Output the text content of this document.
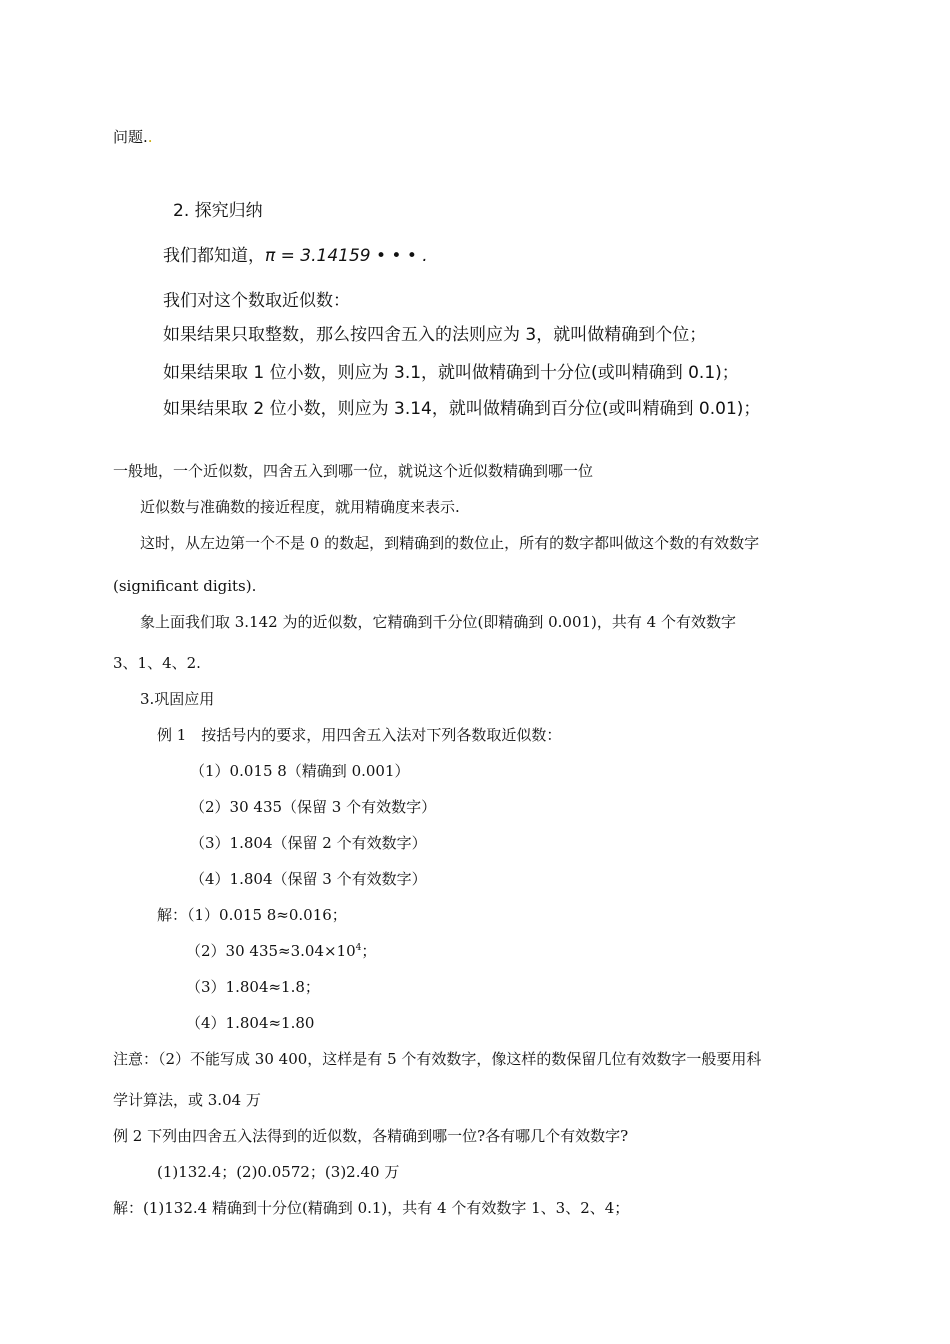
问题..
2. 探究归纳
我们都知道，π = 3.14159 • • • .
我们对这个数取近似数：
如果结果只取整数，那么按四舍五入的法则应为 3，就叫做精确到个位；
如果结果取 1 位小数，则应为 3.1，就叫做精确到十分位(或叫精确到 0.1)；
如果结果取 2 位小数，则应为 3.14，就叫做精确到百分位(或叫精确到 0.01)；
一般地，一个近似数，四舍五入到哪一位，就说这个近似数精确到哪一位
近似数与准确数的接近程度，就用精确度来表示.
这时，从左边第一个不是 0 的数起，到精确到的数位止，所有的数字都叫做这个数的有效数字
(significant digits).
象上面我们取 3.142 为的近似数，它精确到千分位(即精确到 0.001)，共有 4 个有效数字
3、1、4、2.
3.巩固应用
例 1　按括号内的要求，用四舍五入法对下列各数取近似数：
（1）0.015 8（精确到 0.001）
（2）30 435（保留 3 个有效数字）
（3）1.804（保留 2 个有效数字）
（4）1.804（保留 3 个有效数字）
解：（1）0.015 8≈0.016；
（2）30 $435\approx 3.04\times 10^4$；
（3）1.804≈1.8；
（4）1.804≈1.80
注意：（2）不能写成 30 400，这样是有 5 个有效数字，像这样的数保留几位有效数字一般要用科
学计算法，或 3.04 万
例 2 下列由四舍五入法得到的近似数，各精确到哪一位?各有哪几个有效数字?
(1)132.4；(2)0.0572；(3)2.40 万
解：(1)132.4 精确到十分位(精确到 0.1)，共有 4 个有效数字 1、3、2、4；
